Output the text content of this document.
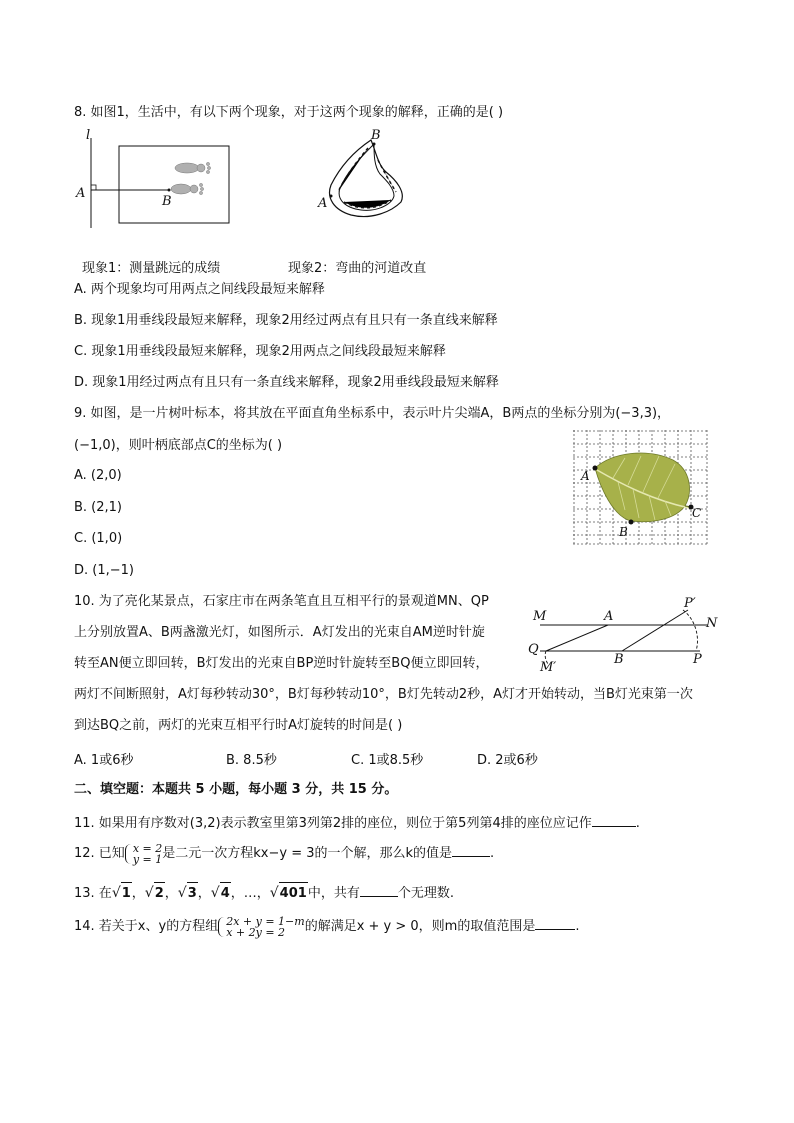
8. 如图1，生活中，有以下两个现象，对于这两个现象的解释，正确的是( )
l
A
B
B
A
现象1：测量跳远的成绩	现象2：弯曲的河道改直
A. 两个现象均可用两点之间线段最短来解释
B. 现象1用垂线段最短来解释，现象2用经过两点有且只有一条直线来解释
C. 现象1用垂线段最短来解释，现象2用两点之间线段最短来解释
D. 现象1用经过两点有且只有一条直线来解释，现象2用垂线段最短来解释
9. 如图，是一片树叶标本，将其放在平面直角坐标系中，表示叶片尖端A，B两点的坐标分别为(−3,3)，
(−1,0)，则叶柄底部点C的坐标为( )
A
B
C
A. (2,0)
B. (2,1)
C. (1,0)
D. (1,−1)
10. 为了亮化某景点，石家庄市在两条笔直且互相平行的景观道MN、QP
上分别放置A、B两盏激光灯，如图所示．A灯发出的光束自AM逆时针旋
转至AN便立即回转，B灯发出的光束自BP逆时针旋转至BQ便立即回转，
两灯不间断照射，A灯每秒转动30°，B灯每秒转动10°，B灯先转动2秒，A灯才开始转动，当B灯光束第一次
到达BQ之前，两灯的光束互相平行时A灯旋转的时间是( )
M	A
P′
N
Q
M′
B	P
A. 1或6秒	B. 8.5秒	C. 1或8.5秒	D. 2或6秒
二、填空题：本题共 5 小题，每小题 3 分，共 15 分。
11. 如果用有序数对(3,2)表示教室里第3列第2排的座位，则位于第5列第4排的座位应记作	.
12. 已知 x = 2
y = 1 是二元一次方程kx−y = 3的一个解，那么k的值是	.
13. 在√1，√2，√3，√4，…，√401中，共有	个无理数.
14. 若关于x、y的方程组 2x + y = 1−m
x + 2y = 2	的解满足x + y > 0，则m的取值范围是	.
